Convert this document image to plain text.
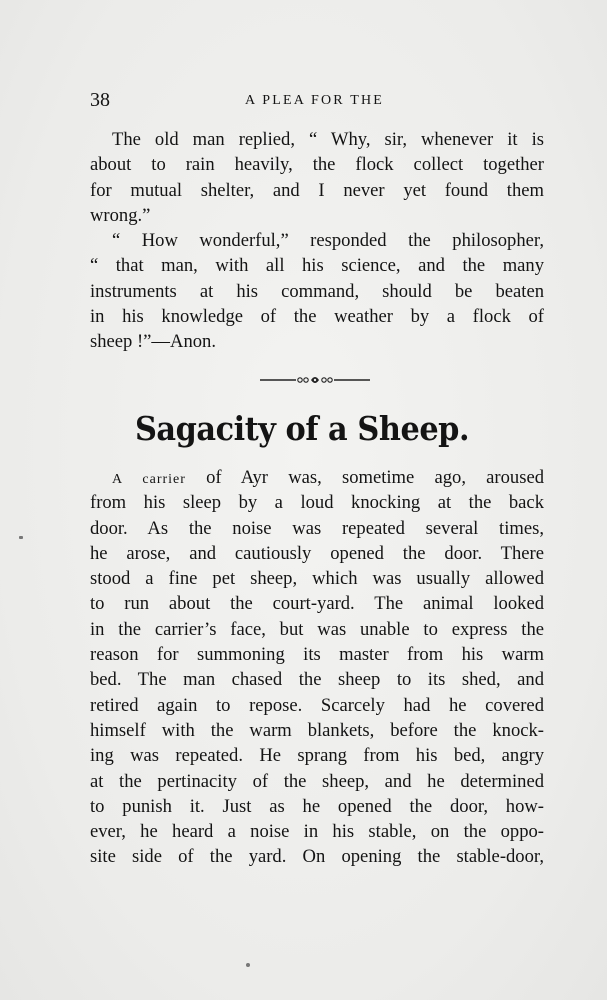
38	A PLEA FOR THE
The old man replied, “ Why, sir, whenever it is
about to rain heavily, the flock collect together
for mutual shelter, and I never yet found them
wrong.”
“ How wonderful,” responded the philosopher,
“ that man, with all his science, and the many
instruments at his command, should be beaten
in his knowledge of the weather by a flock of
sheep !”—Anon.
Sagacity of a Sheep.
A carrier of Ayr was, sometime ago, aroused
from his sleep by a loud knocking at the back
door. As the noise was repeated several times,
he arose, and cautiously opened the door. There
stood a fine pet sheep, which was usually allowed
to run about the court-yard. The animal looked
in the carrier’s face, but was unable to express the
reason for summoning its master from his warm
bed. The man chased the sheep to its shed, and
retired again to repose. Scarcely had he covered
himself with the warm blankets, before the knock-
ing was repeated. He sprang from his bed, angry
at the pertinacity of the sheep, and he determined
to punish it. Just as he opened the door, how-
ever, he heard a noise in his stable, on the oppo-
site side of the yard. On opening the stable-door,
